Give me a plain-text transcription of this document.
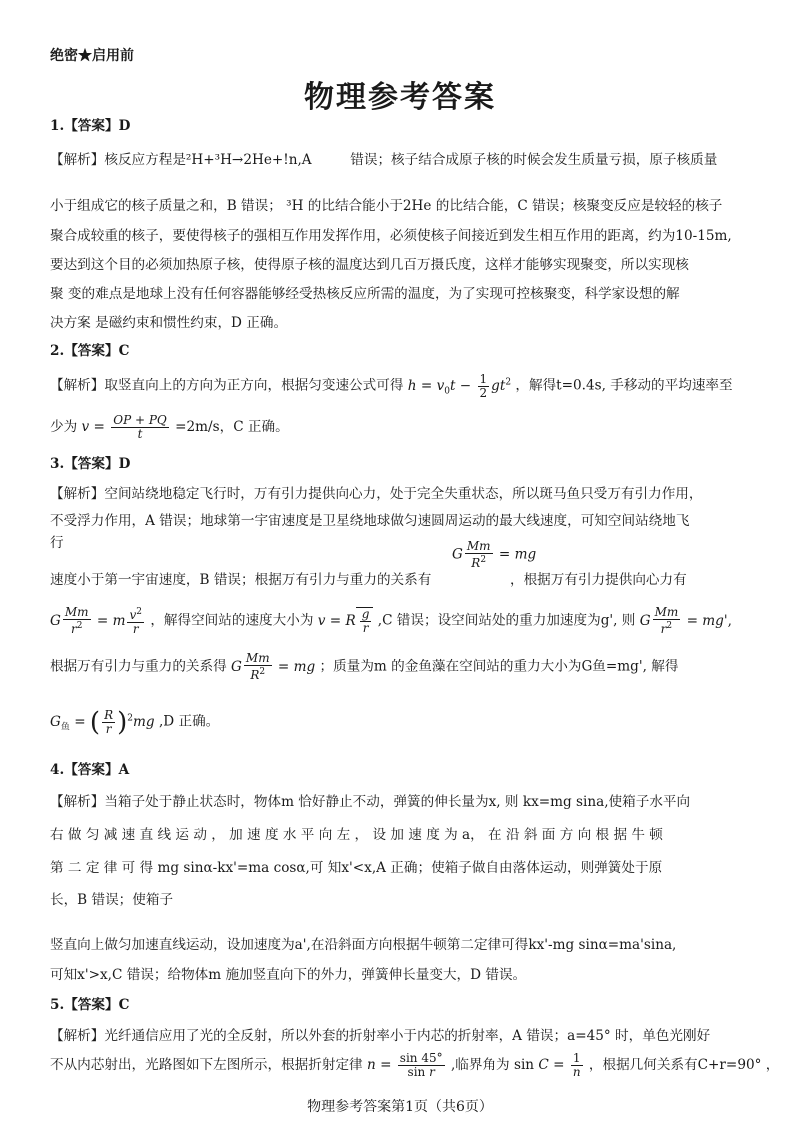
绝密★启用前
物理参考答案
1.【答案】D
【解析】核反应方程是²H+³H→2He+!n,A	错误；核子结合成原子核的时候会发生质量亏损，原子核质量
小于组成它的核子质量之和，B 错误； ³H 的比结合能小于2He 的比结合能，C 错误；核聚变反应是较轻的核子
聚合成较重的核子，要使得核子的强相互作用发挥作用，必须使核子间接近到发生相互作用的距离，约为10-15m,
要达到这个目的必须加热原子核，使得原子核的温度达到几百万摄氏度，这样才能够实现聚变，所以实现核
聚 变的难点是地球上没有任何容器能够经受热核反应所需的温度，为了实现可控核聚变，科学家设想的解
决方案 是磁约束和惯性约束，D 正确。
2.【答案】C
【解析】取竖直向上的方向为正方向，根据匀变速公式可得 $h = v_0t - \frac{1}{2} gt^2$ ，解得t=0.4s, 手移动的平均速率至
少为 $v = \frac{OP + PQ}{t} =2m/s$，C 正确。
3.【答案】D
【解析】空间站绕地稳定飞行时，万有引力提供向心力，处于完全失重状态，所以斑马鱼只受万有引力作用，
不受浮力作用，A 错误；地球第一宇宙速度是卫星绕地球做匀速圆周运动的最大线速度，可知空间站绕地飞
行
G $\frac{Mm}{R^2}$ = mg
速度小于第一宇宙速度，B 错误；根据万有引力与重力的关系有	，根据万有引力提供向心力有
G $\frac{Mm}{r^2} = m \frac{v^2}{r}$ ，解得空间站的速度大小为 v = R $\frac{g}{r} ,C$ 错误；设空间站处的重力加速度为g', 则 G $\frac{Mm}{r^2} = mg'$,
根据万有引力与重力的关系得 G $\frac{Mm}{R^2}$ = mg ；质量为m 的金鱼藻在空间站的重力大小为G鱼=mg', 解得
$G_鱼$ = ( $\frac{R}{r} )^2mg$ ,D 正确。
4.【答案】A
【解析】当箱子处于静止状态时，物体m 恰好静止不动，弹簧的伸长量为x, 则 kx=mg sina,使箱子水平向
右 做 匀 减 速 直 线 运 动 ， 加 速 度 水 平 向 左 ， 设 加 速 度 为 a， 在 沿 斜 面 方 向 根 据 牛 顿
第 二 定 律 可 得 mg sinα-kx'=ma cosα,可 知x'<x,A 正确；使箱子做自由落体运动，则弹簧处于原
长，B 错误；使箱子
竖直向上做匀加速直线运动，设加速度为a',在沿斜面方向根据牛顿第二定律可得kx'-mg sinα=ma'sina,
可知x'>x,C 错误；给物体m 施加竖直向下的外力，弹簧伸长量变大，D 错误。
5.【答案】C
【解析】光纤通信应用了光的全反射，所以外套的折射率小于内芯的折射率，A 错误；a=45° 时，单色光刚好
不从内芯射出，光路图如下左图所示，根据折射定律 $n = \frac{\sin 45^\circ}{\text{sin r}}$ ,临界角为 $\sin C = \frac{1}{n}$ ，根据几何关系有C+r=90° ，
物理参考答案第1页（共6页）
